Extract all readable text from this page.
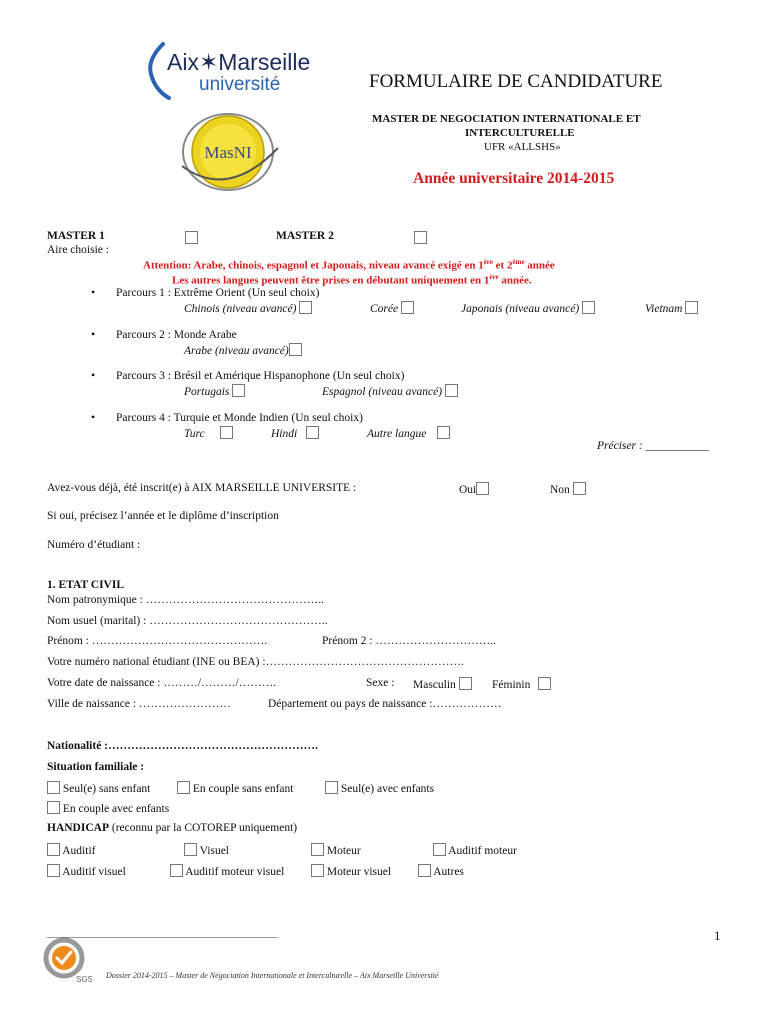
Aix✶Marseille
université
MasNI
FORMULAIRE DE CANDIDATURE
MASTER DE NEGOCIATION INTERNATIONALE ET
INTERCULTURELLE
UFR «ALLSHS»
Année universitaire 2014-2015
MASTER 1	MASTER 2
Aire choisie :
Attention: Arabe, chinois, espagnol et Japonais, niveau avancé exigé en 1ère et 2ème année
Les autres langues peuvent être prises en débutant uniquement en 1ère année.
• Parcours 1 : Extrême Orient (Un seul choix)
Chinois (niveau avancé)	Corée	Japonais (niveau avancé)	Vietnam
• Parcours 2 : Monde Arabe
Arabe (niveau avancé)
• Parcours 3 : Brésil et Amérique Hispanophone (Un seul choix)
Portugais	Espagnol (niveau avancé)
• Parcours 4 : Turquie et Monde Indien (Un seul choix)
Turc	Hindi	Autre langue
Préciser : ___________
Avez-vous déjà, été inscrit(e) à AIX MARSEILLE UNIVERSITE :	Oui	Non
Si oui, précisez l’année et le diplôme d’inscription
Numéro d’étudiant :
1. ETAT CIVIL
Nom patronymique : ………………………………………..
Nom usuel (marital) : ………………………………………..
Prénom : ……………………………………….	Prénom 2 : …………………………..
Votre numéro national étudiant (INE ou BEA) :…………………………………………….
Votre date de naissance : ………/………/……….	Sexe : Masculin	Féminin
Ville de naissance : ……………………	Département ou pays de naissance :………………
Nationalité :……………………………………………….
Situation familiale :
Seul(e) sans enfant	En couple sans enfant	Seul(e) avec enfants
En couple avec enfants
HANDICAP (reconnu par la COTOREP uniquement)
Auditif	Visuel	Moteur	Auditif moteur
Auditif visuel	Auditif moteur visuel	Moteur visuel	Autres
______________________________________________	1
SGS Dossier 2014-2015 – Master de Négociation Internationale et Interculturelle – Aix Marseille Université
